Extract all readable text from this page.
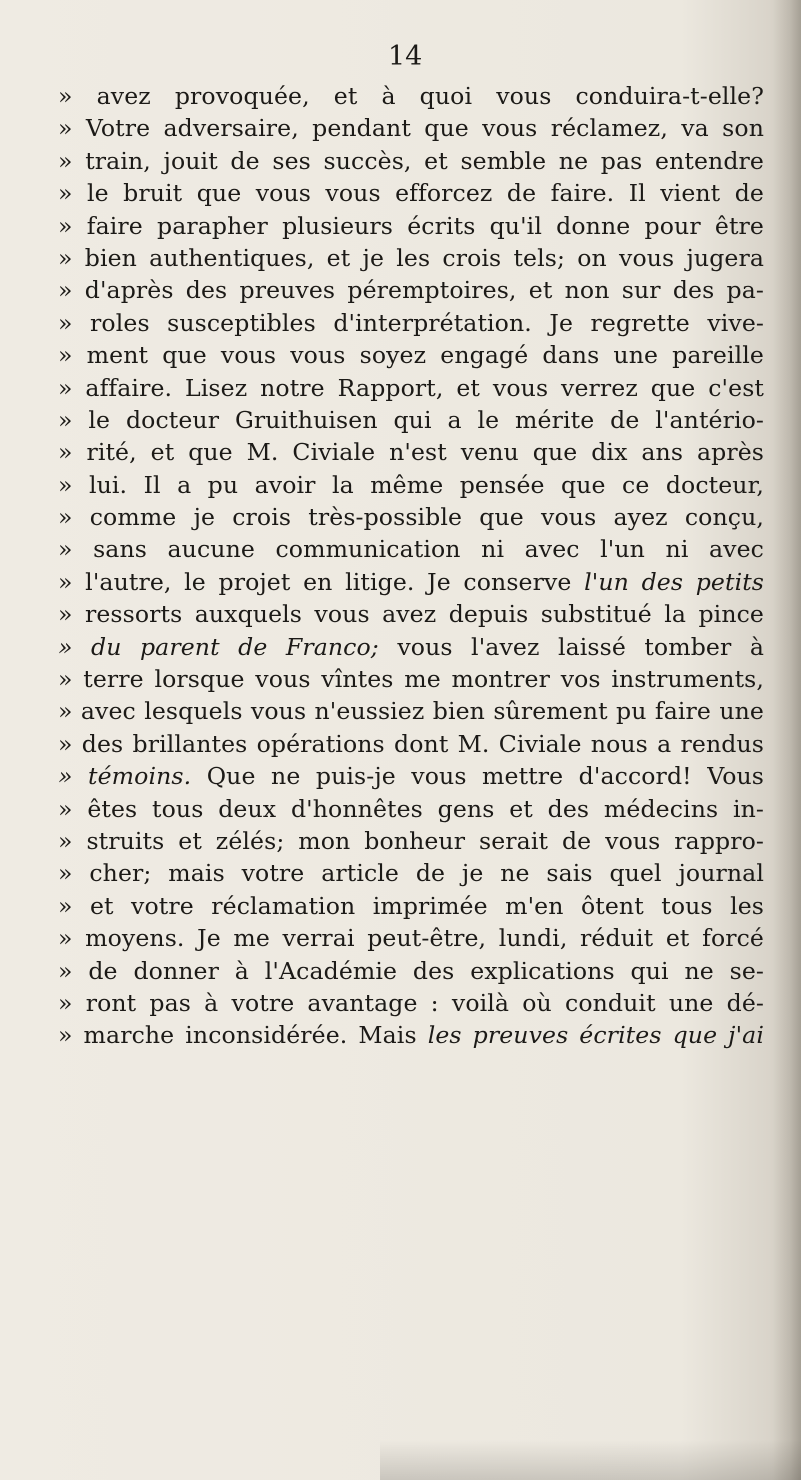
14
» avez provoquée, et à quoi vous conduira-t-elle?
» Votre adversaire, pendant que vous réclamez, va son
» train, jouit de ses succès, et semble ne pas entendre
» le bruit que vous vous efforcez de faire. Il vient de
» faire parapher plusieurs écrits qu'il donne pour être
» bien authentiques, et je les crois tels; on vous jugera
» d'après des preuves péremptoires, et non sur des pa-
» roles susceptibles d'interprétation. Je regrette vive-
» ment que vous vous soyez engagé dans une pareille
» affaire. Lisez notre Rapport, et vous verrez que c'est
» le docteur Gruithuisen qui a le mérite de l'antério-
» rité, et que M. Civiale n'est venu que dix ans après
» lui. Il a pu avoir la même pensée que ce docteur,
» comme je crois très-possible que vous ayez conçu,
» sans aucune communication ni avec l'un ni avec
» l'autre, le projet en litige. Je conserve l'un des petits
» ressorts auxquels vous avez depuis substitué la pince
» du parent de Franco; vous l'avez laissé tomber à
» terre lorsque vous vîntes me montrer vos instruments,
» avec lesquels vous n'eussiez bien sûrement pu faire une
» des brillantes opérations dont M. Civiale nous a rendus
» témoins. Que ne puis-je vous mettre d'accord! Vous
» êtes tous deux d'honnêtes gens et des médecins in-
» struits et zélés; mon bonheur serait de vous rappro-
» cher; mais votre article de je ne sais quel journal
» et votre réclamation imprimée m'en ôtent tous les
» moyens. Je me verrai peut-être, lundi, réduit et forcé
» de donner à l'Académie des explications qui ne se-
» ront pas à votre avantage : voilà où conduit une dé-
» marche inconsidérée. Mais les preuves écrites que j'ai
